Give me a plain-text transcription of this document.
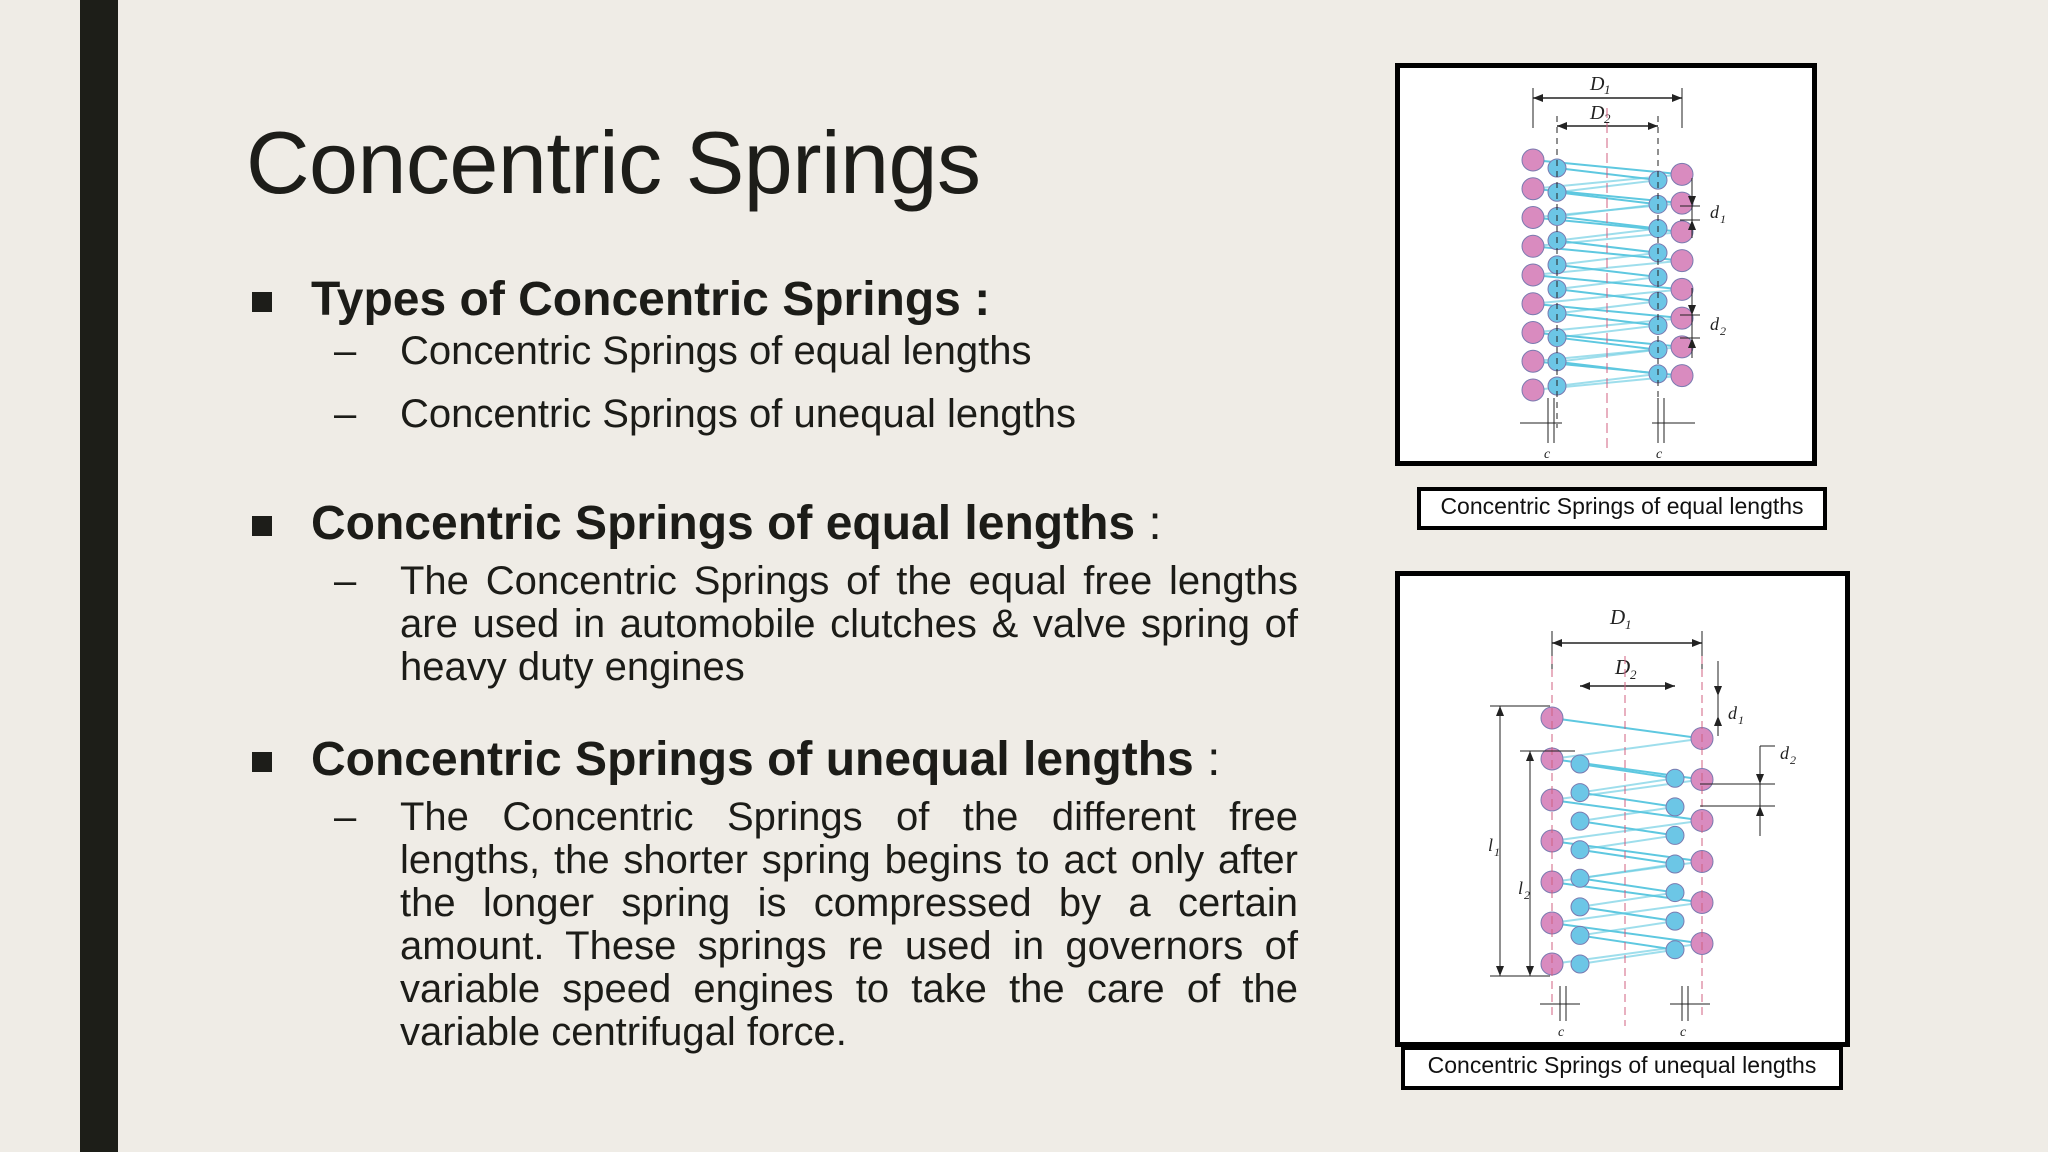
Concentric Springs
Types of Concentric Springs :
– Concentric Springs of equal lengths
– Concentric Springs of unequal lengths
Concentric Springs of equal lengths :
– The Concentric Springs of the equal free lengths are used in automobile clutches & valve spring of heavy duty engines
Concentric Springs of unequal lengths :
– The Concentric Springs of the different free lengths, the shorter spring begins to act only after the longer spring is compressed by a certain amount. These springs re used in governors of variable speed engines to take the care of the variable centrifugal force.
D 1
D 2
d 1
d 2
c	c
Concentric Springs of equal lengths
D 1
D 2
l 1
l 2
d 1
d 2
c	c
Concentric Springs of unequal lengths
